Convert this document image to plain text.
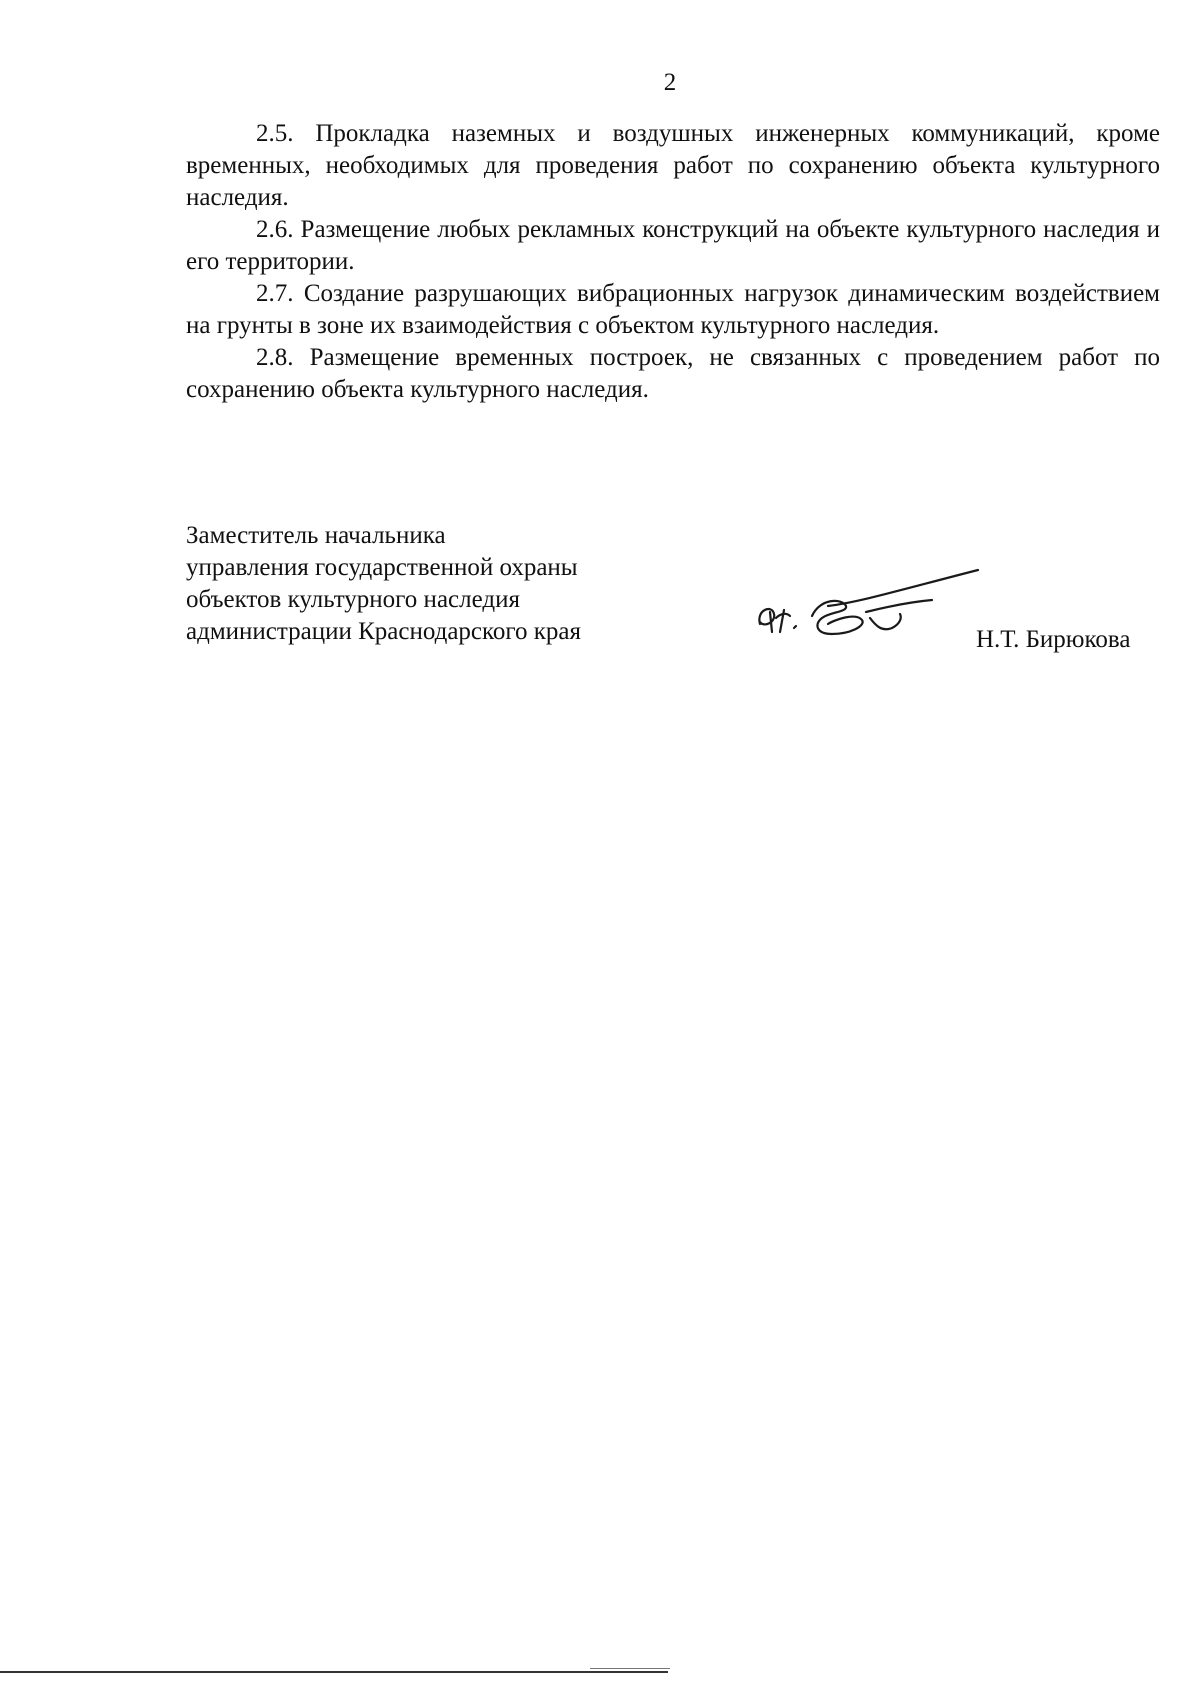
2

2.5. Прокладка наземных и воздушных инженерных коммуникаций, кроме временных, необходимых для проведения работ по сохранению объекта культурного наследия.

2.6. Размещение любых рекламных конструкций на объекте культурного наследия и его территории.

2.7. Создание разрушающих вибрационных нагрузок динамическим воздействием на грунты в зоне их взаимодействия с объектом культурного наследия.

2.8. Размещение временных построек, не связанных с проведением работ по сохранению объекта культурного наследия.

Заместитель начальника
управления государственной охраны
объектов культурного наследия
администрации Краснодарского края	Н.Т. Бирюкова
